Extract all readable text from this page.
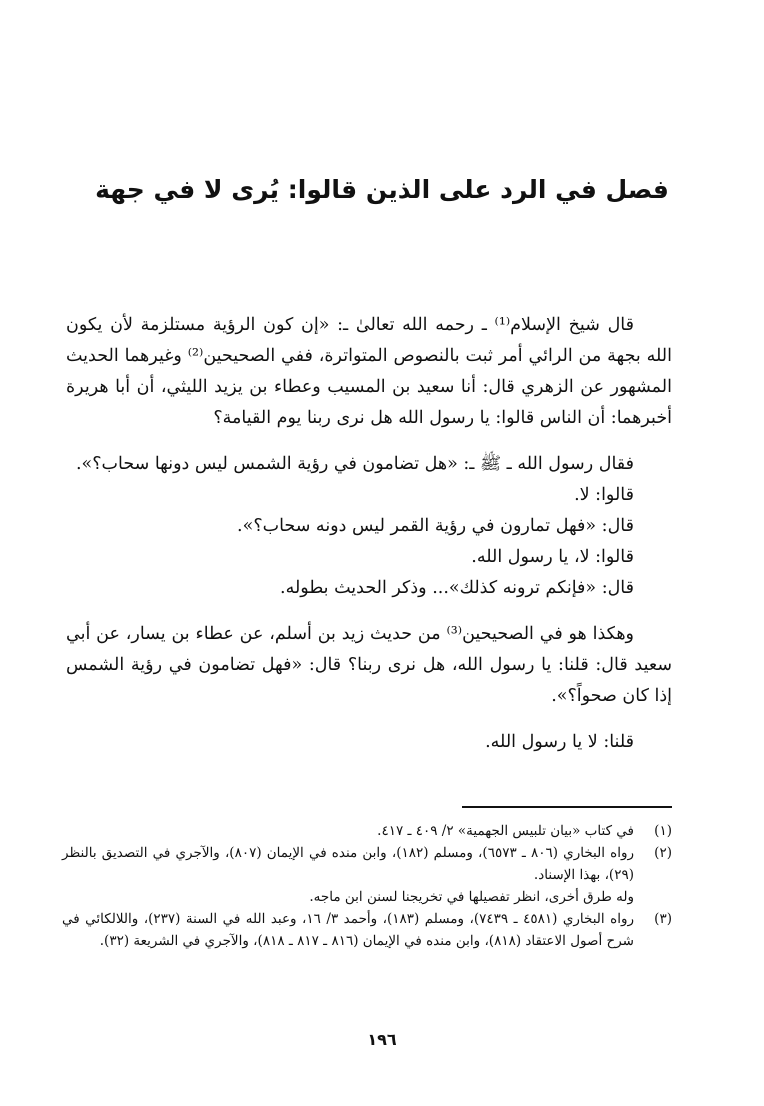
فصل في الرد على الذين قالوا: يُرى لا في جهة

قال شيخ الإسلام⁽¹⁾ ـ رحمه الله تعالىٰ ـ: «إن كون الرؤية مستلزمة لأن يكون الله بجهة من الرائي أمر ثبت بالنصوص المتواترة، ففي الصحيحين⁽²⁾ وغيرهما الحديث المشهور عن الزهري قال: أنا سعيد بن المسيب وعطاء بن يزيد الليثي، أن أبا هريرة أخبرهما: أن الناس قالوا: يا رسول الله هل نرى ربنا يوم القيامة؟

فقال رسول الله ـ ﷺ ـ: «هل تضامون في رؤية الشمس ليس دونها سحاب؟».

قالوا: لا.

قال: «فهل تمارون في رؤية القمر ليس دونه سحاب؟».

قالوا: لا، يا رسول الله.

قال: «فإنكم ترونه كذلك»... وذكر الحديث بطوله.

وهكذا هو في الصحيحين⁽³⁾ من حديث زيد بن أسلم، عن عطاء بن يسار، عن أبي سعيد قال: قلنا: يا رسول الله، هل نرى ربنا؟ قال: «فهل تضامون في رؤية الشمس إذا كان صحواً؟».

قلنا: لا يا رسول الله.

(١)
في كتاب «بيان تلبيس الجهمية» ٢/ ٤٠٩ ـ ٤١٧.
(٢)
رواه البخاري (٨٠٦ ـ ٦٥٧٣)، ومسلم (١٨٢)، وابن منده في الإيمان (٨٠٧)، والآجري في التصديق بالنظر (٢٩)، بهذا الإسناد.
وله طرق أخرى، انظر تفصيلها في تخريجنا لسنن ابن ماجه.
(٣)
رواه البخاري (٤٥٨١ ـ ٧٤٣٩)، ومسلم (١٨٣)، وأحمد ٣/ ١٦، وعبد الله في السنة (٢٣٧)، واللالكائي في شرح أصول الاعتقاد (٨١٨)، وابن منده في الإيمان (٨١٦ ـ ٨١٧ ـ ٨١٨)، والآجري في الشريعة (٣٢).
١٩٦
